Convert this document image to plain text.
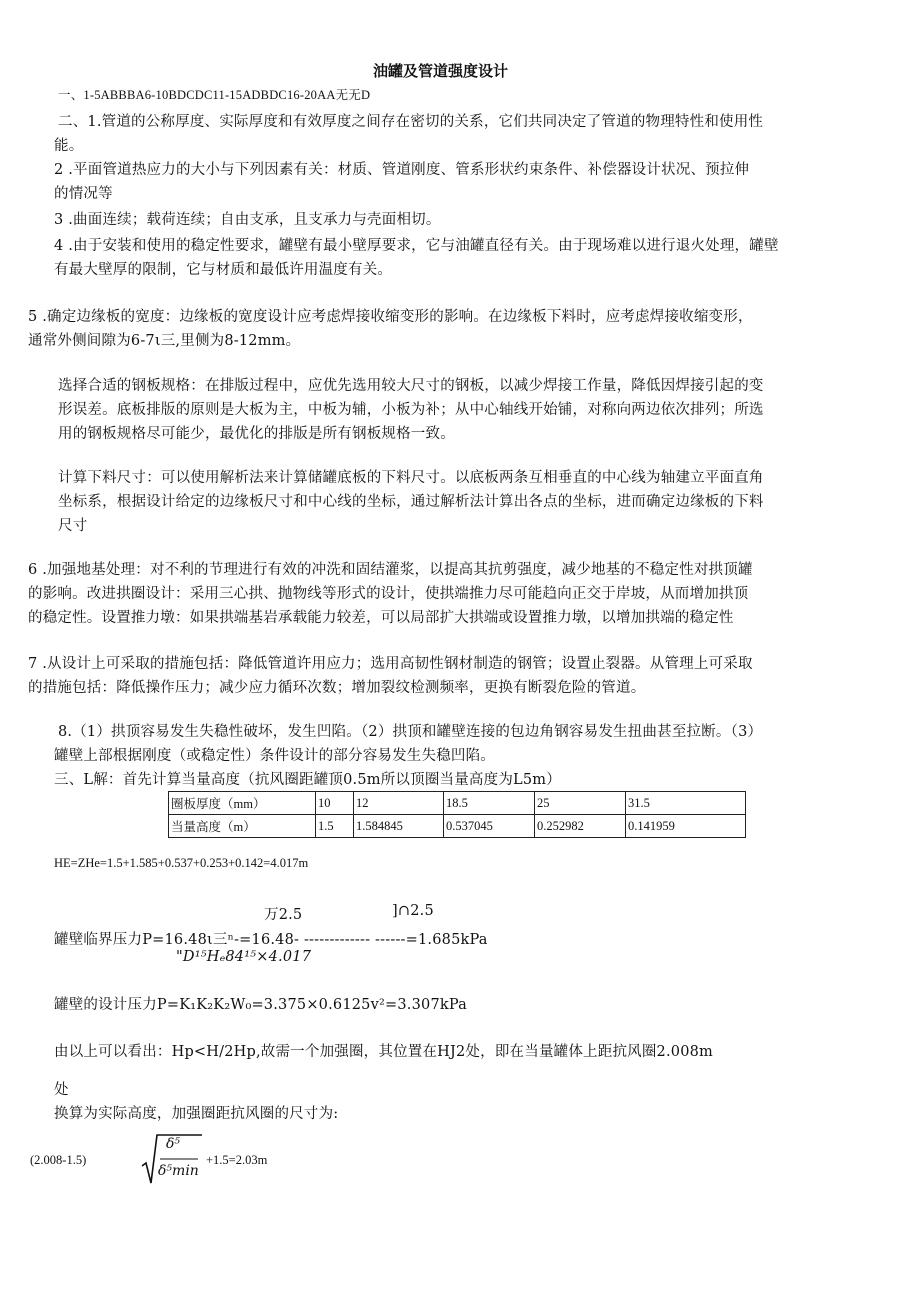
油罐及管道强度设计
一、1-5ABBBA6-10BDCDC11-15ADBDC16-20AA无无D
二、1.管道的公称厚度、实际厚度和有效厚度之间存在密切的关系，它们共同决定了管道的物理特性和使用性
能。
2 .平面管道热应力的大小与下列因素有关：材质、管道刚度、管系形状约束条件、补偿器设计状况、预拉伸
的情况等
3 .曲面连续；载荷连续；自由支承，且支承力与壳面相切。
4 .由于安装和使用的稳定性要求，罐壁有最小壁厚要求，它与油罐直径有关。由于现场难以进行退火处理，罐壁
有最大壁厚的限制，它与材质和最低许用温度有关。
5 .确定边缘板的宽度：边缘板的宽度设计应考虑焊接收缩变形的影响。在边缘板下料时，应考虑焊接收缩变形，
通常外侧间隙为6-7ι三,里侧为8-12mm。
选择合适的钢板规格：在排版过程中，应优先选用较大尺寸的钢板，以减少焊接工作量，降低因焊接引起的变
形误差。底板排版的原则是大板为主，中板为辅，小板为补；从中心轴线开始铺，对称向两边依次排列；所选
用的钢板规格尽可能少，最优化的排版是所有钢板规格一致。
计算下料尺寸：可以使用解析法来计算储罐底板的下料尺寸。以底板两条互相垂直的中心线为轴建立平面直角
坐标系，根据设计给定的边缘板尺寸和中心线的坐标，通过解析法计算出各点的坐标，进而确定边缘板的下料
尺寸
6 .加强地基处理：对不利的节理进行有效的冲洗和固结灌浆，以提高其抗剪强度，减少地基的不稳定性对拱顶罐
的影响。改进拱圈设计：采用三心拱、抛物线等形式的设计，使拱端推力尽可能趋向正交于岸坡，从而增加拱顶
的稳定性。设置推力墩：如果拱端基岩承载能力较差，可以局部扩大拱端或设置推力墩，以增加拱端的稳定性
7 .从设计上可采取的措施包括：降低管道许用应力；选用高韧性钢材制造的钢管；设置止裂器。从管理上可采取
的措施包括：降低操作压力；减少应力循环次数；增加裂纹检测频率，更换有断裂危险的管道。
8.（1）拱顶容易发生失稳性破坏，发生凹陷。（2）拱顶和罐壁连接的包边角钢容易发生扭曲甚至拉断。（3）
罐壁上部根据刚度（或稳定性）条件设计的部分容易发生失稳凹陷。
三、L解：首先计算当量高度（抗风圈距罐顶0.5m所以顶圈当量高度为L5m）
圈板厚度（mm）	10	12	18.5	25	31.5
当量高度（m）	1.5	1.584845	0.537045	0.252982	0.141959
HE=ZHe=1.5+1.585+0.537+0.253+0.142=4.017m
万2.5	]∩2.5
罐壁临界压力P=16.48ι三ⁿ-=16.48- ------------- ------=1.685kPa
"D¹⁵Hₑ84¹⁵×4.017
罐壁的设计压力P=K₁K₂K₂W₀=3.375×0.6125v²=3.307kPa
由以上可以看出：Hp<H/2Hp,故需一个加强圈，其位置在HJ2处，即在当量罐体上距抗风圈2.008m
处
换算为实际高度，加强圈距抗风圈的尺寸为:
(2.008-1.5)
δ⁵
δ⁵min
+1.5=2.03m
